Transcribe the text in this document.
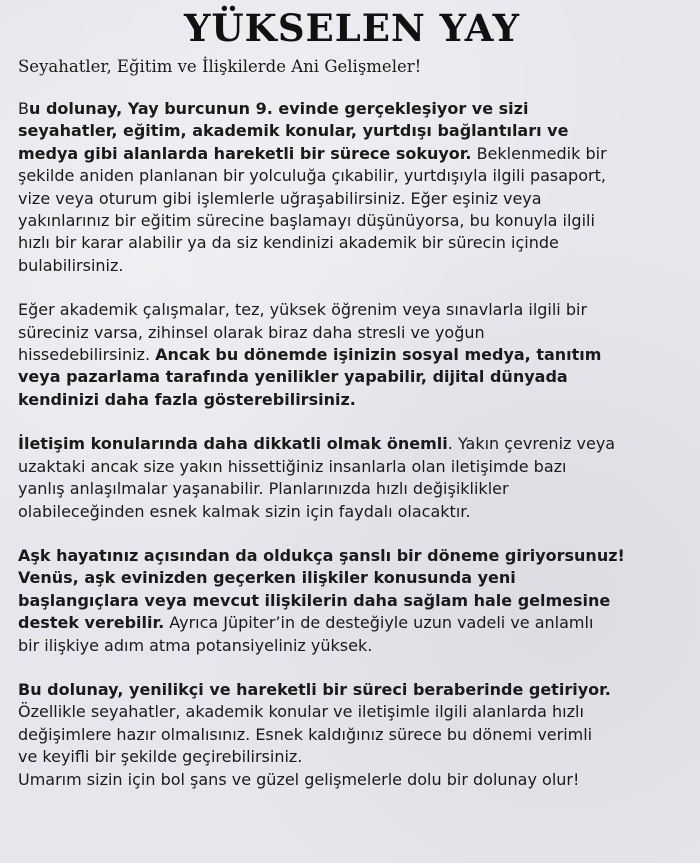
YÜKSELEN YAY
Seyahatler, Eğitim ve İlişkilerde Ani Gelişmeler!
Bu dolunay, Yay burcunun 9. evinde gerçekleşiyor ve sizi
seyahatler, eğitim, akademik konular, yurtdışı bağlantıları ve
medya gibi alanlarda hareketli bir sürece sokuyor. Beklenmedik bir
şekilde aniden planlanan bir yolculuğa çıkabilir, yurtdışıyla ilgili pasaport,
vize veya oturum gibi işlemlerle uğraşabilirsiniz. Eğer eşiniz veya
yakınlarınız bir eğitim sürecine başlamayı düşünüyorsa, bu konuyla ilgili
hızlı bir karar alabilir ya da siz kendinizi akademik bir sürecin içinde
bulabilirsiniz.
Eğer akademik çalışmalar, tez, yüksek öğrenim veya sınavlarla ilgili bir
süreciniz varsa, zihinsel olarak biraz daha stresli ve yoğun
hissedebilirsiniz. Ancak bu dönemde işinizin sosyal medya, tanıtım
veya pazarlama tarafında yenilikler yapabilir, dijital dünyada
kendinizi daha fazla gösterebilirsiniz.
İletişim konularında daha dikkatli olmak önemli. Yakın çevreniz veya
uzaktaki ancak size yakın hissettiğiniz insanlarla olan iletişimde bazı
yanlış anlaşılmalar yaşanabilir. Planlarınızda hızlı değişiklikler
olabileceğinden esnek kalmak sizin için faydalı olacaktır.
Aşk hayatınız açısından da oldukça şanslı bir döneme giriyorsunuz!
Venüs, aşk evinizden geçerken ilişkiler konusunda yeni
başlangıçlara veya mevcut ilişkilerin daha sağlam hale gelmesine
destek verebilir. Ayrıca Jüpiter’in de desteğiyle uzun vadeli ve anlamlı
bir ilişkiye adım atma potansiyeliniz yüksek.
Bu dolunay, yenilikçi ve hareketli bir süreci beraberinde getiriyor.
Özellikle seyahatler, akademik konular ve iletişimle ilgili alanlarda hızlı
değişimlere hazır olmalısınız. Esnek kaldığınız sürece bu dönemi verimli
ve keyifli bir şekilde geçirebilirsiniz.
Umarım sizin için bol şans ve güzel gelişmelerle dolu bir dolunay olur!
